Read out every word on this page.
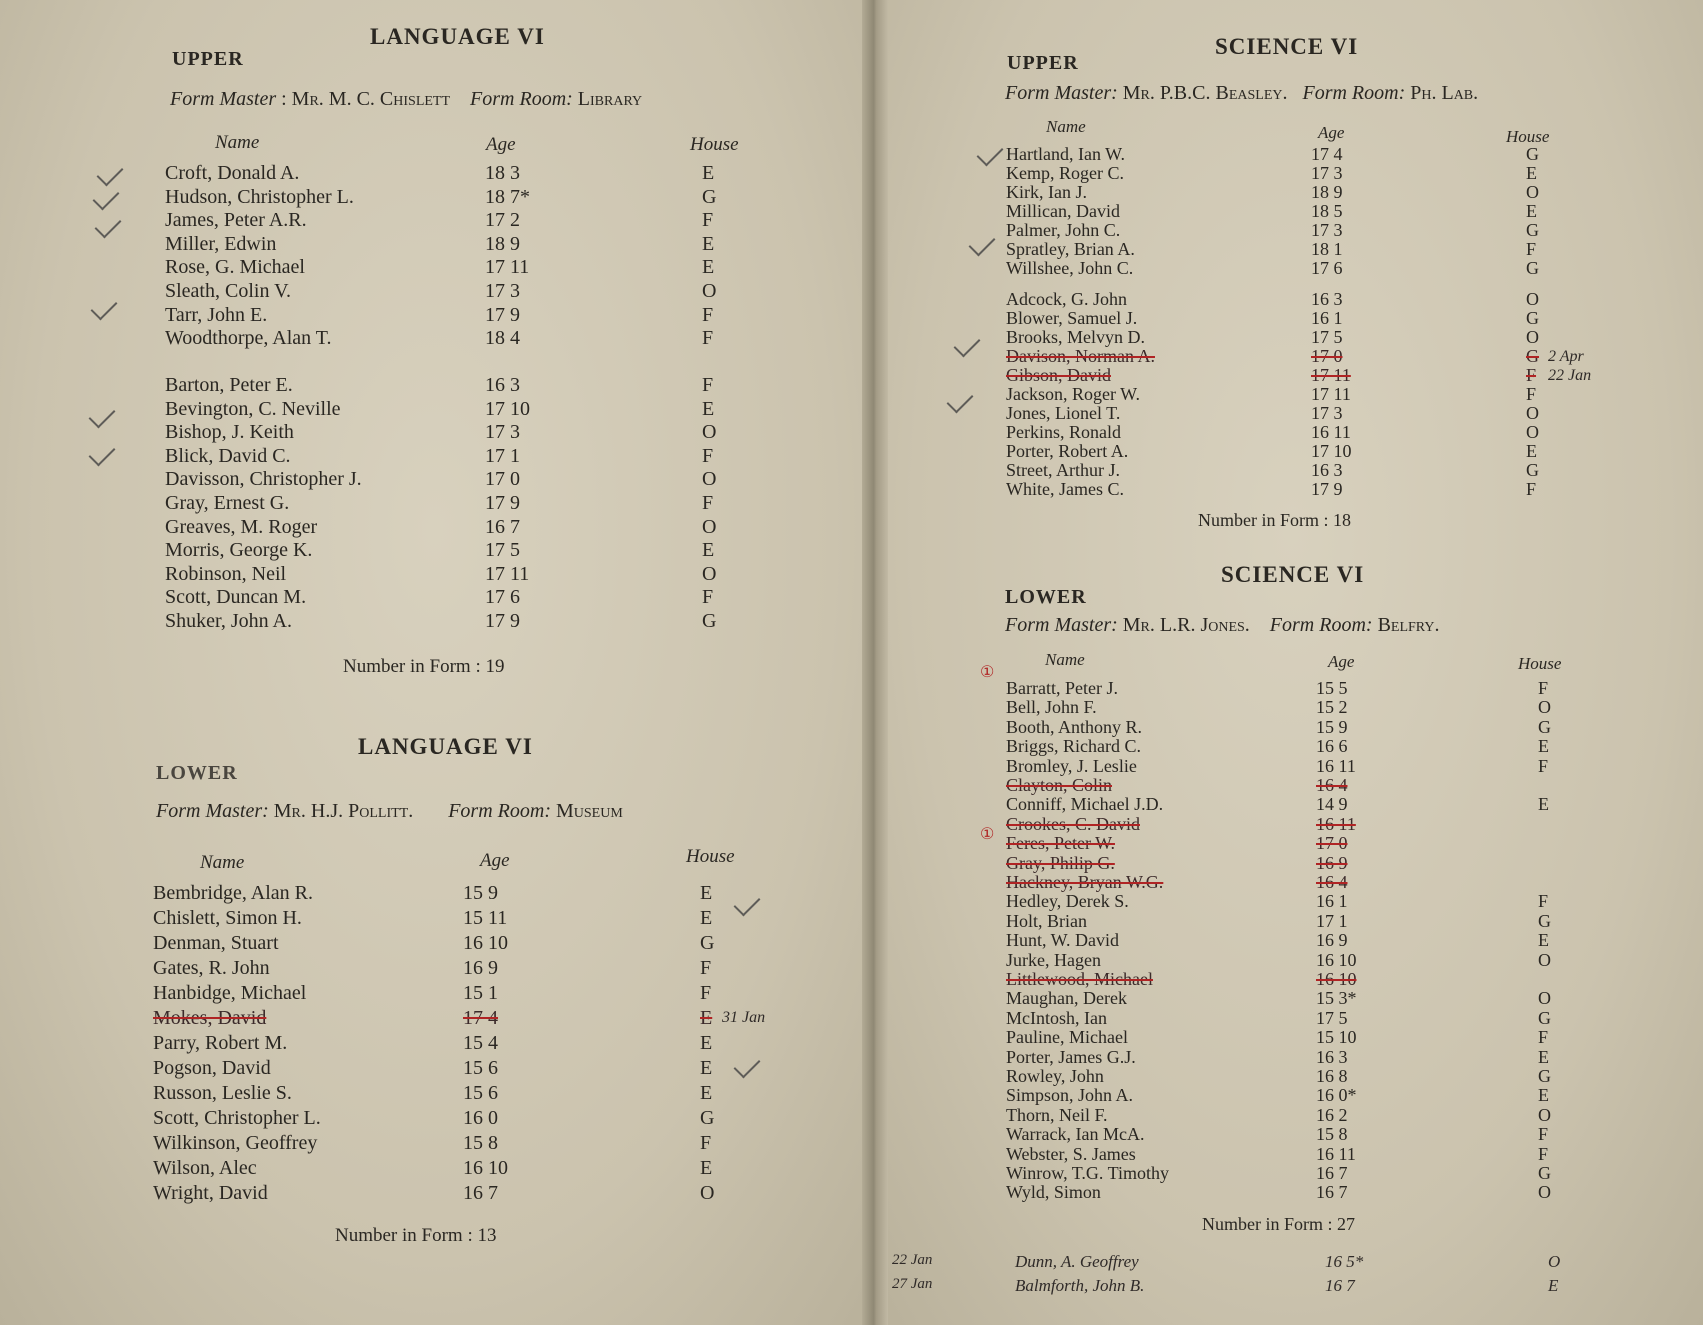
LANGUAGE VI
UPPER
Form Master : Mr. M. C. Chislett Form Room: Library
Name	Age	House
Number in Form : 19
Croft, Donald A.	18 3	E
Hudson, Christopher L.	18 7*	G
James, Peter A.R.	17 2	F
Miller, Edwin	18 9	E
Rose, G. Michael	17 11	E
Sleath, Colin V.	17 3	O
Tarr, John E.	17 9	F
Woodthorpe, Alan T.	18 4	F
Barton, Peter E.	16 3	F
Bevington, C. Neville	17 10	E
Bishop, J. Keith	17 3	O
Blick, David C.	17 1	F
Davisson, Christopher J.	17 0	O
Gray, Ernest G.	17 9	F
Greaves, M. Roger	16 7	O
Morris, George K.	17 5	E
Robinson, Neil	17 11	O
Scott, Duncan M.	17 6	F
Shuker, John A.	17 9	G
LANGUAGE VI
LOWER
Form Master: Mr. H.J. Pollitt. Form Room: Museum
Name	Age	House
Number in Form : 13
Bembridge, Alan R.	15 9	E
Chislett, Simon H.	15 11	E
Denman, Stuart	16 10	G
Gates, R. John	16 9	F
Hanbidge, Michael	15 1	F
Mokes, David	17 4	E 31 Jan
Parry, Robert M.	15 4	E
Pogson, David	15 6	E
Russon, Leslie S.	15 6	E
Scott, Christopher L.	16 0	G
Wilkinson, Geoffrey	15 8	F
Wilson, Alec	16 10	E
Wright, David	16 7	O
SCIENCE VI
UPPER
Form Master: Mr. P.B.C. Beasley. Form Room: Ph. Lab.
Name	Age	House
Number in Form : 18
Hartland, Ian W.	17 4	G
Kemp, Roger C.	17 3	E
Kirk, Ian J.	18 9	O
Millican, David	18 5	E
Palmer, John C.	17 3	G
Spratley, Brian A.	18 1	F
Willshee, John C.	17 6	G
Adcock, G. John	16 3	O
Blower, Samuel J.	16 1	G
Brooks, Melvyn D.	17 5	O
Davison, Norman A.	17 0	G 2 Apr
Gibson, David	17 11	F 22 Jan
Jackson, Roger W.	17 11	F
Jones, Lionel T.	17 3	O
Perkins, Ronald	16 11	O
Porter, Robert A.	17 10	E
Street, Arthur J.	16 3	G
White, James C.	17 9	F
SCIENCE VI
LOWER
Form Master: Mr. L.R. Jones. Form Room: Belfry.
Name	Age	House
Number in Form : 27
Barratt, Peter J.	15 5	F
Bell, John F.	15 2	O
Booth, Anthony R.	15 9	G
Briggs, Richard C.	16 6	E
Bromley, J. Leslie	16 11	F
Clayton, Colin	16 4
Conniff, Michael J.D.	14 9	E
Crookes, C. David	16 11
Feres, Peter W.	17 0
Gray, Philip G.	16 9
Hackney, Bryan W.G.	16 4
Hedley, Derek S.	16 1	F
Holt, Brian	17 1	G
Hunt, W. David	16 9	E
Jurke, Hagen	16 10	O
Littlewood, Michael	16 10
Maughan, Derek	15 3*	O
McIntosh, Ian	17 5	G
Pauline, Michael	15 10	F
Porter, James G.J.	16 3	E
Rowley, John	16 8	G
Simpson, John A.	16 0*	E
Thorn, Neil F.	16 2	O
Warrack, Ian McA.	15 8	F
Webster, S. James	16 11	F
Winrow, T.G. Timothy	16 7	G
Wyld, Simon	16 7	O
22 Jan	Dunn, A. Geoffrey	16 5*	O
27 Jan	Balmforth, John B.	16 7	E
①
①
